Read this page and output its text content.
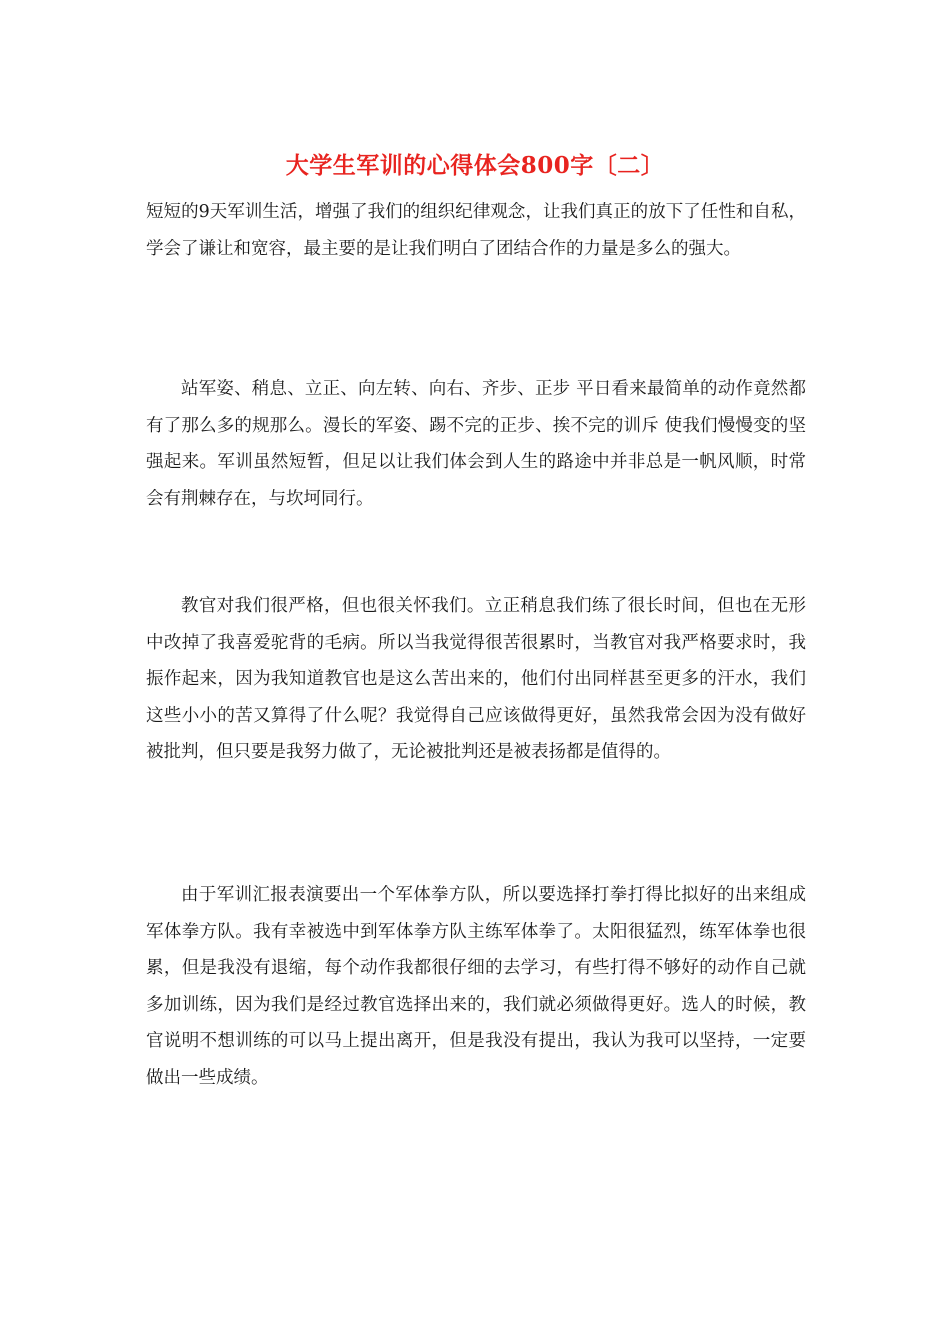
大学生军训的心得体会800字〔二〕

短短的9天军训生活，增强了我们的组织纪律观念，让我们真正的放下了任性和自私，学会了谦让和宽容，最主要的是让我们明白了团结合作的力量是多么的强大。

站军姿、稍息、立正、向左转、向右、齐步、正步 平日看来最简单的动作竟然都有了那么多的规那么。漫长的军姿、踢不完的正步、挨不完的训斥 使我们慢慢变的坚强起来。军训虽然短暂，但足以让我们体会到人生的路途中并非总是一帆风顺，时常会有荆棘存在，与坎坷同行。

教官对我们很严格，但也很关怀我们。立正稍息我们练了很长时间，但也在无形中改掉了我喜爱驼背的毛病。所以当我觉得很苦很累时，当教官对我严格要求时，我振作起来，因为我知道教官也是这么苦出来的，他们付出同样甚至更多的汗水，我们这些小小的苦又算得了什么呢？我觉得自己应该做得更好，虽然我常会因为没有做好被批判，但只要是我努力做了，无论被批判还是被表扬都是值得的。

由于军训汇报表演要出一个军体拳方队，所以要选择打拳打得比拟好的出来组成军体拳方队。我有幸被选中到军体拳方队主练军体拳了。太阳很猛烈，练军体拳也很累，但是我没有退缩，每个动作我都很仔细的去学习，有些打得不够好的动作自己就多加训练，因为我们是经过教官选择出来的，我们就必须做得更好。选人的时候，教官说明不想训练的可以马上提出离开，但是我没有提出，我认为我可以坚持，一定要做出一些成绩。
